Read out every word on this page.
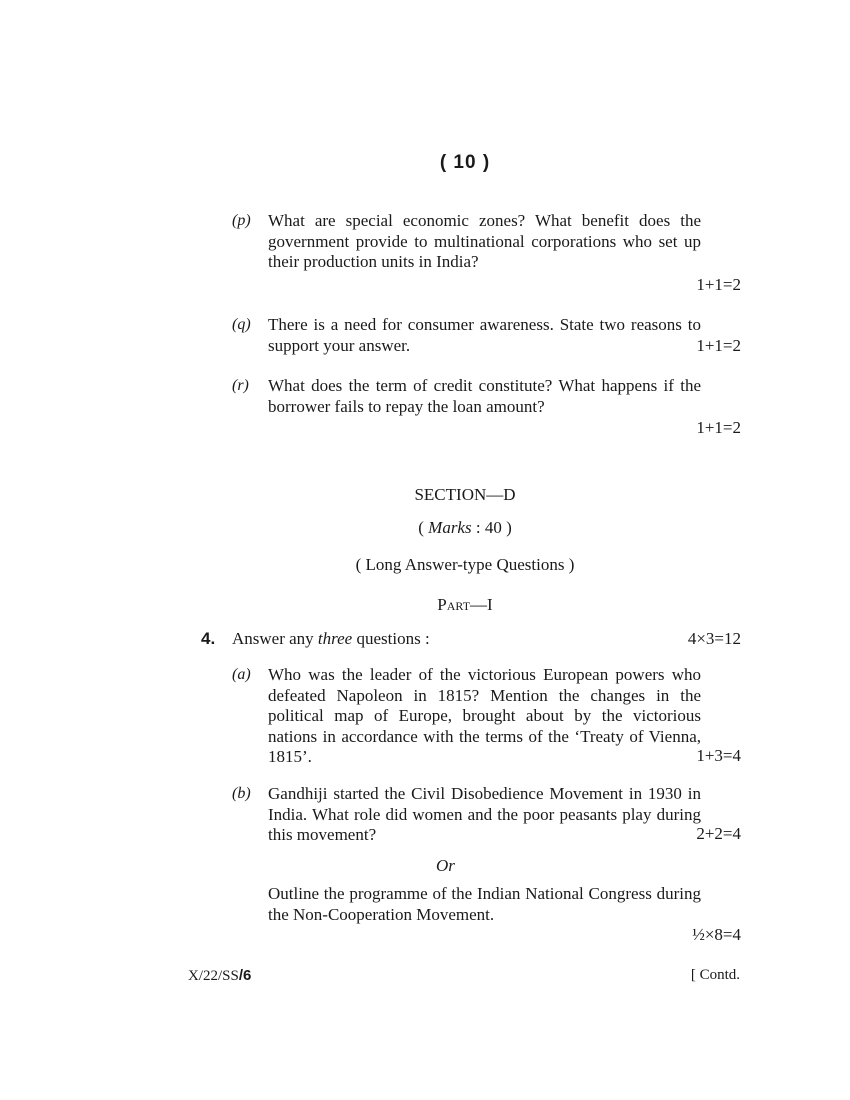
( 10 )
(p) What are special economic zones? What benefit does the government provide to multinational corporations who set up their production units in India?
1+1=2
(q) There is a need for consumer awareness. State two reasons to support your answer.	1+1=2
(r) What does the term of credit constitute? What happens if the borrower fails to repay the loan amount?
1+1=2
SECTION—D
( Marks : 40 )
( Long Answer-type Questions )
Part—I
4. Answer any three questions :	4×3=12
(a) Who was the leader of the victorious European powers who defeated Napoleon in 1815? Mention the changes in the political map of Europe, brought about by the victorious nations in accordance with the terms of the ‘Treaty of Vienna, 1815’.	1+3=4
(b) Gandhiji started the Civil Disobedience Movement in 1930 in India. What role did women and the poor peasants play during this movement?	2+2=4
Or
Outline the programme of the Indian National Congress during the Non-Cooperation Movement.
½×8=4
X/22/SS/6	[ Contd.
